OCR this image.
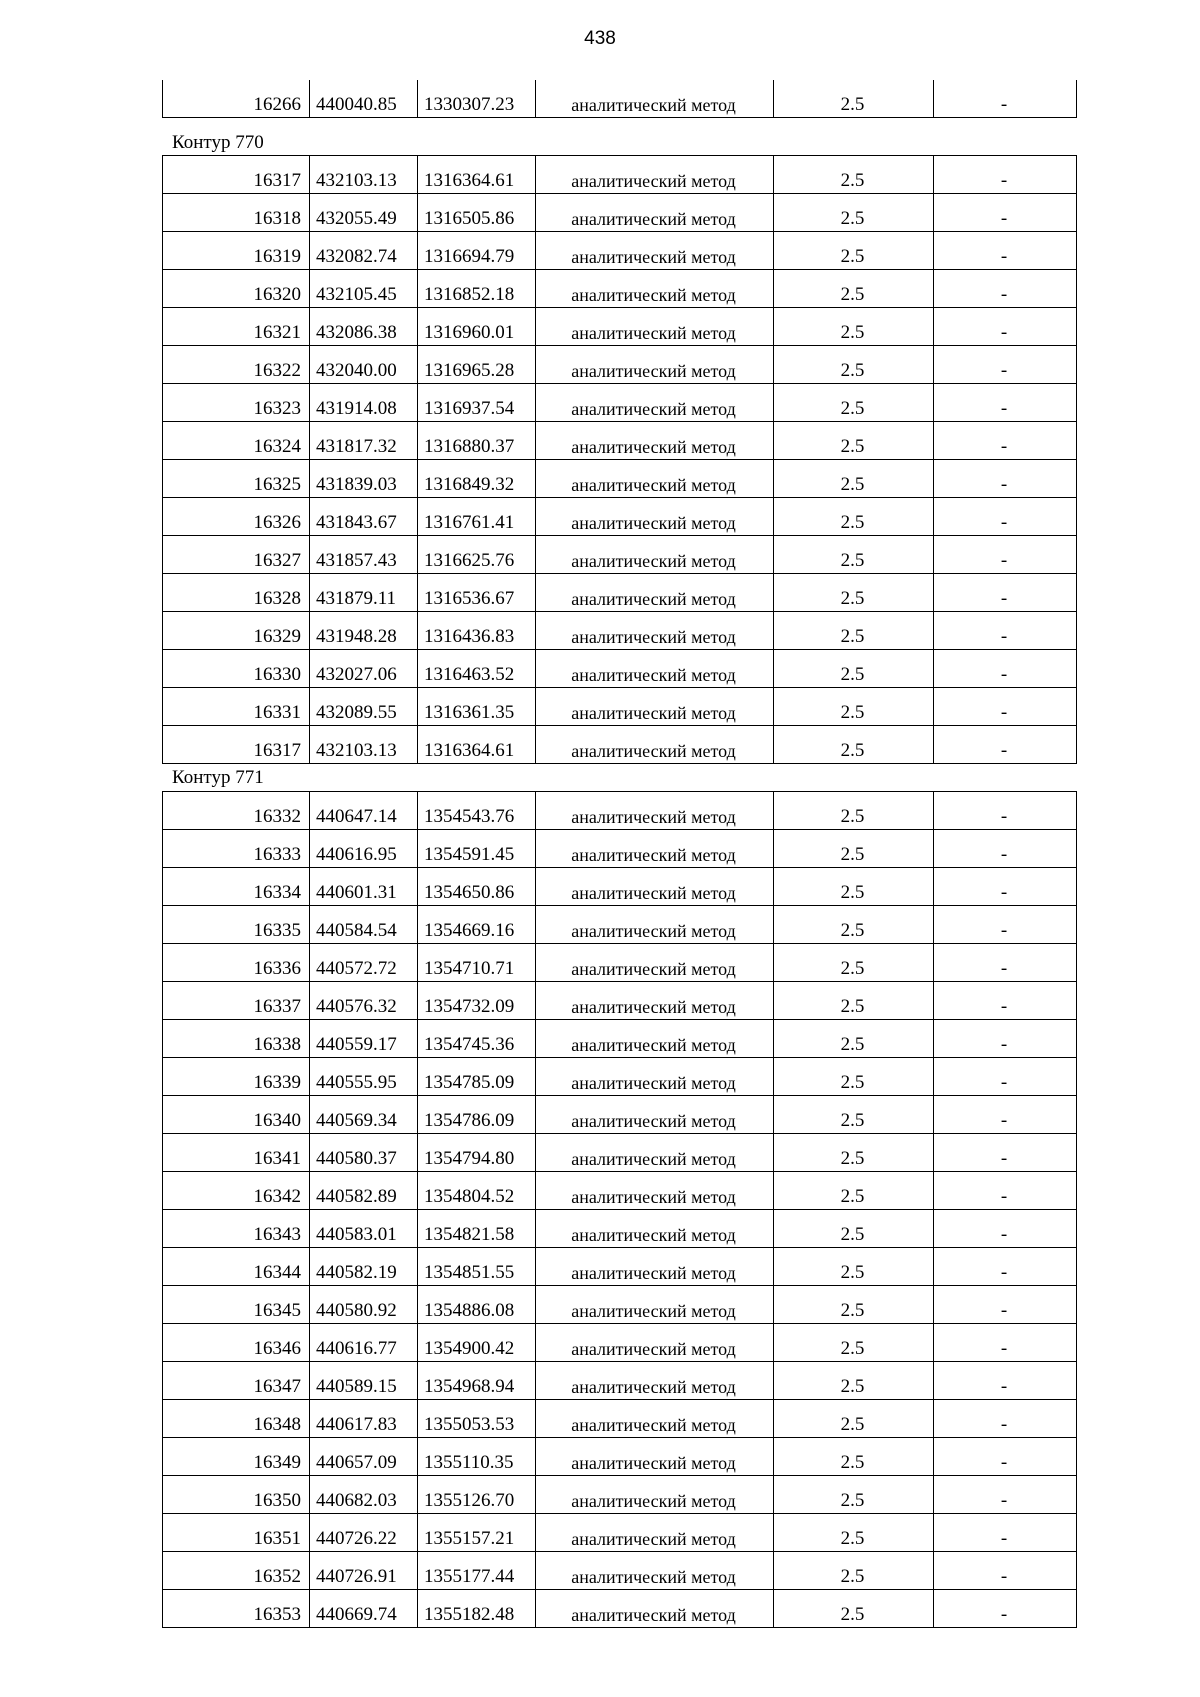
438
16266	440040.85	1330307.23	аналитический метод	2.5	-
Контур 770
16317	432103.13	1316364.61	аналитический метод	2.5	-
16318	432055.49	1316505.86	аналитический метод	2.5	-
16319	432082.74	1316694.79	аналитический метод	2.5	-
16320	432105.45	1316852.18	аналитический метод	2.5	-
16321	432086.38	1316960.01	аналитический метод	2.5	-
16322	432040.00	1316965.28	аналитический метод	2.5	-
16323	431914.08	1316937.54	аналитический метод	2.5	-
16324	431817.32	1316880.37	аналитический метод	2.5	-
16325	431839.03	1316849.32	аналитический метод	2.5	-
16326	431843.67	1316761.41	аналитический метод	2.5	-
16327	431857.43	1316625.76	аналитический метод	2.5	-
16328	431879.11	1316536.67	аналитический метод	2.5	-
16329	431948.28	1316436.83	аналитический метод	2.5	-
16330	432027.06	1316463.52	аналитический метод	2.5	-
16331	432089.55	1316361.35	аналитический метод	2.5	-
16317	432103.13	1316364.61	аналитический метод	2.5	-
Контур 771
16332	440647.14	1354543.76	аналитический метод	2.5	-
16333	440616.95	1354591.45	аналитический метод	2.5	-
16334	440601.31	1354650.86	аналитический метод	2.5	-
16335	440584.54	1354669.16	аналитический метод	2.5	-
16336	440572.72	1354710.71	аналитический метод	2.5	-
16337	440576.32	1354732.09	аналитический метод	2.5	-
16338	440559.17	1354745.36	аналитический метод	2.5	-
16339	440555.95	1354785.09	аналитический метод	2.5	-
16340	440569.34	1354786.09	аналитический метод	2.5	-
16341	440580.37	1354794.80	аналитический метод	2.5	-
16342	440582.89	1354804.52	аналитический метод	2.5	-
16343	440583.01	1354821.58	аналитический метод	2.5	-
16344	440582.19	1354851.55	аналитический метод	2.5	-
16345	440580.92	1354886.08	аналитический метод	2.5	-
16346	440616.77	1354900.42	аналитический метод	2.5	-
16347	440589.15	1354968.94	аналитический метод	2.5	-
16348	440617.83	1355053.53	аналитический метод	2.5	-
16349	440657.09	1355110.35	аналитический метод	2.5	-
16350	440682.03	1355126.70	аналитический метод	2.5	-
16351	440726.22	1355157.21	аналитический метод	2.5	-
16352	440726.91	1355177.44	аналитический метод	2.5	-
16353	440669.74	1355182.48	аналитический метод	2.5	-
